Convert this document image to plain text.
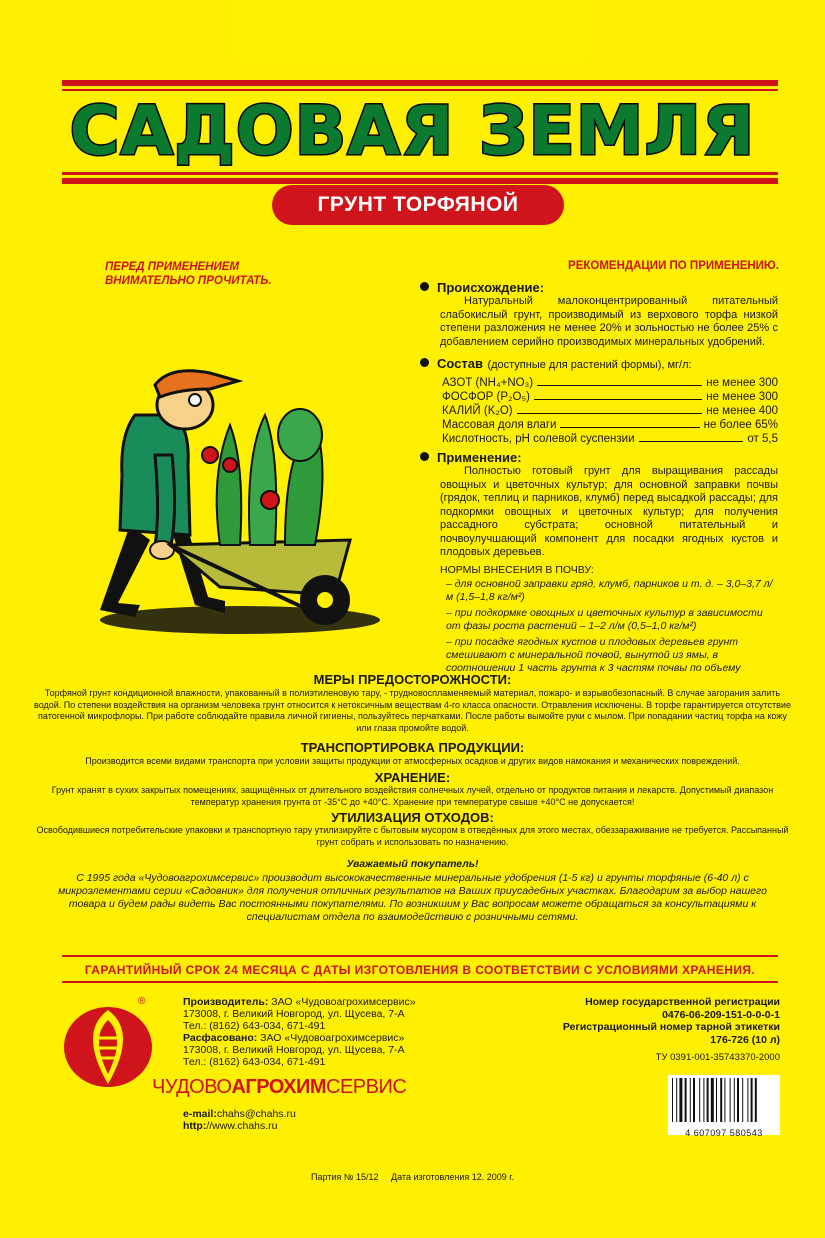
САДОВАЯ ЗЕМЛЯ
ГРУНТ ТОРФЯНОЙ
ПЕРЕД ПРИМЕНЕНИЕМ
ВНИМАТЕЛЬНО ПРОЧИТАТЬ.
РЕКОМЕНДАЦИИ ПО ПРИМЕНЕНИЮ.
Происхождение:
Натуральный малоконцентрированный питательный слабокислый грунт, производимый из верхового торфа низкой степени разложения не менее 20% и зольностью не более 25% с добавлением серийно производимых минеральных удобрений.
Состав (доступные для растений формы), мг/л:
АЗОТ (NH₄+NO₃)	не менее 300
ФОСФОР (P₂O₅)	не менее 300
КАЛИЙ (K₂O)	не менее 400
Массовая доля влаги	не более 65%
Кислотность, pH солевой суспензии	от 5,5
Применение:
Полностью готовый грунт для выращивания рассады овощных и цветочных культур; для основной заправки почвы (грядок, теплиц и парников, клумб) перед высадкой рассады; для подкормки овощных и цветочных культур; для получения рассадного субстрата; основной питательный и почвоулучшающий компонент для посадки ягодных кустов и плодовых деревьев.
НОРМЫ ВНЕСЕНИЯ В ПОЧВУ:
– для основной заправки гряд, клумб, парников и т. д. – 3,0–3,7 л/м (1,5–1,8 кг/м²)
– при подкормке овощных и цветочных культур в зависимости от фазы роста растений – 1–2 л/м (0,5–1,0 кг/м²)
– при посадке ягодных кустов и плодовых деревьев грунт смешивают с минеральной почвой, вынутой из ямы, в соотношении 1 часть грунта к 3 частям почвы по объему
МЕРЫ ПРЕДОСТОРОЖНОСТИ:
Торфяной грунт кондиционной влажности, упакованный в полиэтиленовую тару, - трудновоспламеняемый материал, пожаро- и взрывобезопасный. В случае загорания залить водой. По степени воздействия на организм человека грунт относится к нетоксичным веществам 4-го класса опасности. Отравления исключены. В торфе гарантируется отсутствие патогенной микрофлоры. При работе соблюдайте правила личной гигиены, пользуйтесь перчатками. После работы вымойте руки с мылом. При попадании частиц торфа на кожу или глаза промойте водой.
ТРАНСПОРТИРОВКА ПРОДУКЦИИ:
Производится всеми видами транспорта при условии защиты продукции от атмосферных осадков и других видов намокания и механических повреждений.
ХРАНЕНИЕ:
Грунт хранят в сухих закрытых помещениях, защищённых от длительного воздействия солнечных лучей, отдельно от продуктов питания и лекарств. Допустимый диапазон температур хранения грунта от -35°С до +40°С. Хранение при температуре свыше +40°С не допускается!
УТИЛИЗАЦИЯ ОТХОДОВ:
Освободившиеся потребительские упаковки и транспортную тару утилизируйте с бытовым мусором в отведённых для этого местах, обеззараживание не требуется. Рассыпанный грунт собрать и использовать по назначению.
Уважаемый покупатель!
С 1995 года «Чудовоагрохимсервис» производит высококачественные минеральные удобрения (1-5 кг) и грунты торфяные (6-40 л) с микроэлементами серии «Садовник» для получения отличных результатов на Ваших приусадебных участках. Благодарим за выбор нашего товара и будем рады видеть Вас постоянными покупателями. По возникшим у Вас вопросам можете обращаться за консультациями к специалистам отдела по взаимодействию с розничными сетями.
ГАРАНТИЙНЫЙ СРОК 24 МЕСЯЦА С ДАТЫ ИЗГОТОВЛЕНИЯ В СООТВЕТСТВИИ С УСЛОВИЯМИ ХРАНЕНИЯ.
®
ЧУДОВОАГРОХИМСЕРВИС
Производитель: ЗАО «Чудовоагрохимсервис»
173008, г. Великий Новгород, ул. Щусева, 7-А
Тел.: (8162) 643-034, 671-491
Расфасовано: ЗАО «Чудовоагрохимсервис»
173008, г. Великий Новгород, ул. Щусева, 7-А
Тел.: (8162) 643-034, 671-491
e-mail:chahs@chahs.ru
http://www.chahs.ru
Номер государственной регистрации
0476-06-209-151-0-0-0-1
Регистрационный номер тарной этикетки
176-726 (10 л)
ТУ 0391-001-35743370-2000
4 607097 580543
Партия № 15/12 Дата изготовления 12. 2009 г.
